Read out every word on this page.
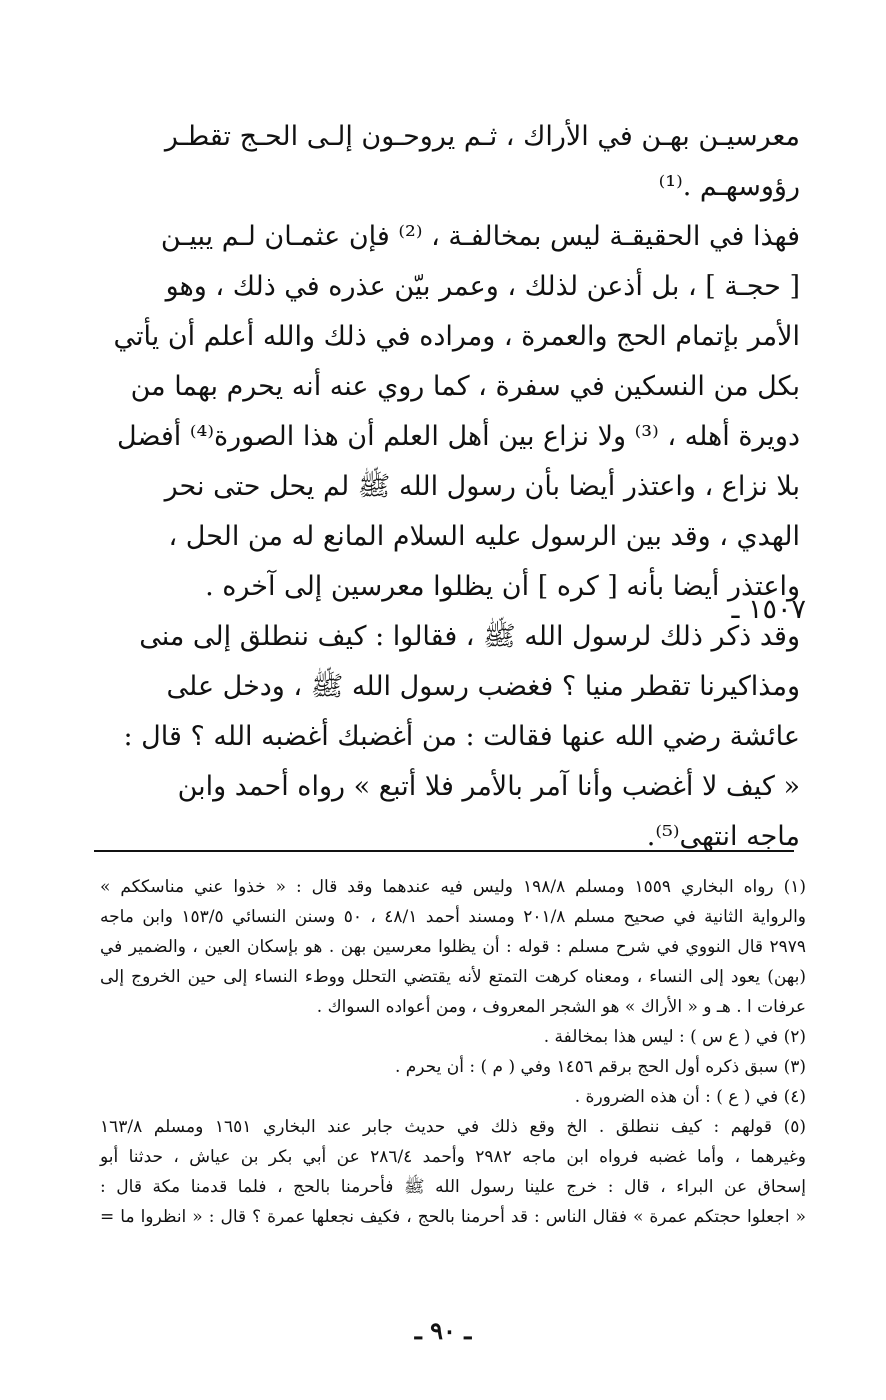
معرسيـن بهـن في الأراك ، ثـم يروحـون إلـى الحـج تقطـر
رؤوسهـم .⁽¹⁾
فهذا في الحقيقـة ليس بمخالفـة ، ⁽²⁾ فإن عثمـان لـم يبيـن
[ حجـة ] ، بل أذعن لذلك ، وعمر بيّن عذره في ذلك ، وهو
الأمر بإتمام الحج والعمرة ، ومراده في ذلك والله أعلم أن يأتي
بكل من النسكين في سفرة ، كما روي عنه أنه يحرم بهما من
دويرة أهله ، ⁽³⁾ ولا نزاع بين أهل العلم أن هذا الصورة⁽⁴⁾ أفضل
بلا نزاع ، واعتذر أيضا بأن رسول الله ﷺ لم يحل حتى نحر
الهدي ، وقد بين الرسول عليه السلام المانع له من الحل ،
واعتذر أيضا بأنه [ كره ] أن يظلوا معرسين إلى آخره .
وقد ذكر ذلك لرسول الله ﷺ ، فقالوا : كيف ننطلق إلى منى
ومذاكيرنا تقطر منيا ؟ فغضب رسول الله ﷺ ، ودخل على
عائشة رضي الله عنها فقالت : من أغضبك أغضبه الله ؟ قال :
« كيف لا أغضب وأنا آمر بالأمر فلا أتبع » رواه أحمد وابن
ماجه انتهى⁽⁵⁾.
١٥٠٧ ـ
(١) رواه البخاري ١٥٥٩ ومسلم ١٩٨/٨ وليس فيه عندهما وقد قال : « خذوا عني مناسككم »
والرواية الثانية في صحيح مسلم ٢٠١/٨ ومسند أحمد ٤٨/١ ، ٥٠ وسنن النسائي ١٥٣/٥ وابن ماجه
٢٩٧٩ قال النووي في شرح مسلم : قوله : أن يظلوا معرسين بهن . هو بإسكان العين ، والضمير في
(بهن) يعود إلى النساء ، ومعناه كرهت التمتع لأنه يقتضي التحلل ووطء النساء إلى حين الخروج إلى
عرفات ا . هـ و « الأراك » هو الشجر المعروف ، ومن أعواده السواك .
(٢) في ( ع س ) : ليس هذا بمخالفة .
(٣) سبق ذكره أول الحج برقم ١٤٥٦ وفي ( م ) : أن يحرم .
(٤) في ( ع ) : أن هذه الضرورة .
(٥) قولهم : كيف ننطلق . الخ وقع ذلك في حديث جابر عند البخاري ١٦٥١ ومسلم ١٦٣/٨
وغيرهما ، وأما غضبه فرواه ابن ماجه ٢٩٨٢ وأحمد ٢٨٦/٤ عن أبي بكر بن عياش ، حدثنا أبو
إسحاق عن البراء ، قال : خرج علينا رسول الله ﷺ فأحرمنا بالحج ، فلما قدمنا مكة قال :
« اجعلوا حجتكم عمرة » فقال الناس : قد أحرمنا بالحج ، فكيف نجعلها عمرة ؟ قال : « انظروا ما =
ـ ٩٠ ـ
